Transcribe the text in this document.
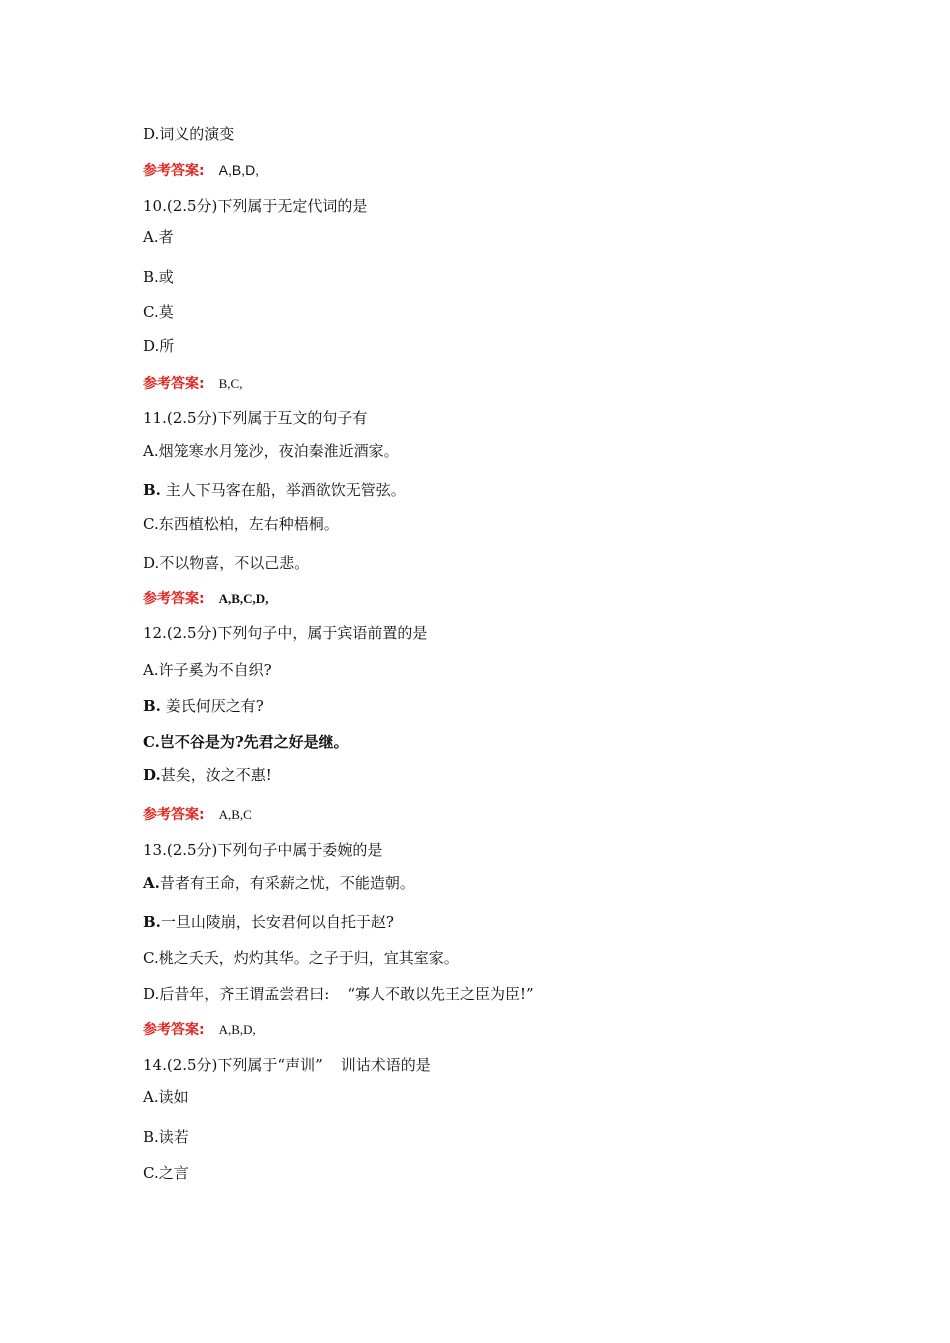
D.词义的演变
参考答案: A,B,D,
10.(2.5分)下列属于无定代词的是
A.者
B.或
C.莫
D.所
参考答案: B,C,
11.(2.5分)下列属于互文的句子有
A.烟笼寒水月笼沙，夜泊秦淮近酒家。
B. 主人下马客在船，举酒欲饮无管弦。
C.东西植松柏，左右种梧桐。
D.不以物喜，不以己悲。
参考答案: A,B,C,D,
12.(2.5分)下列句子中，属于宾语前置的是
A.许子奚为不自织?
B. 姜氏何厌之有?
C.岂不谷是为?先君之好是继。
D.甚矣，汝之不惠!
参考答案: A,B,C
13.(2.5分)下列句子中属于委婉的是
A.昔者有王命，有采薪之忧，不能造朝。
B.一旦山陵崩，长安君何以自托于赵?
C.桃之夭夭，灼灼其华。之子于归，宜其室家。
D.后昔年，齐王谓孟尝君曰: “寡人不敢以先王之臣为臣!”
参考答案: A,B,D,
14.(2.5分)下列属于“声训” 训诂术语的是
A.读如
B.读若
C.之言
